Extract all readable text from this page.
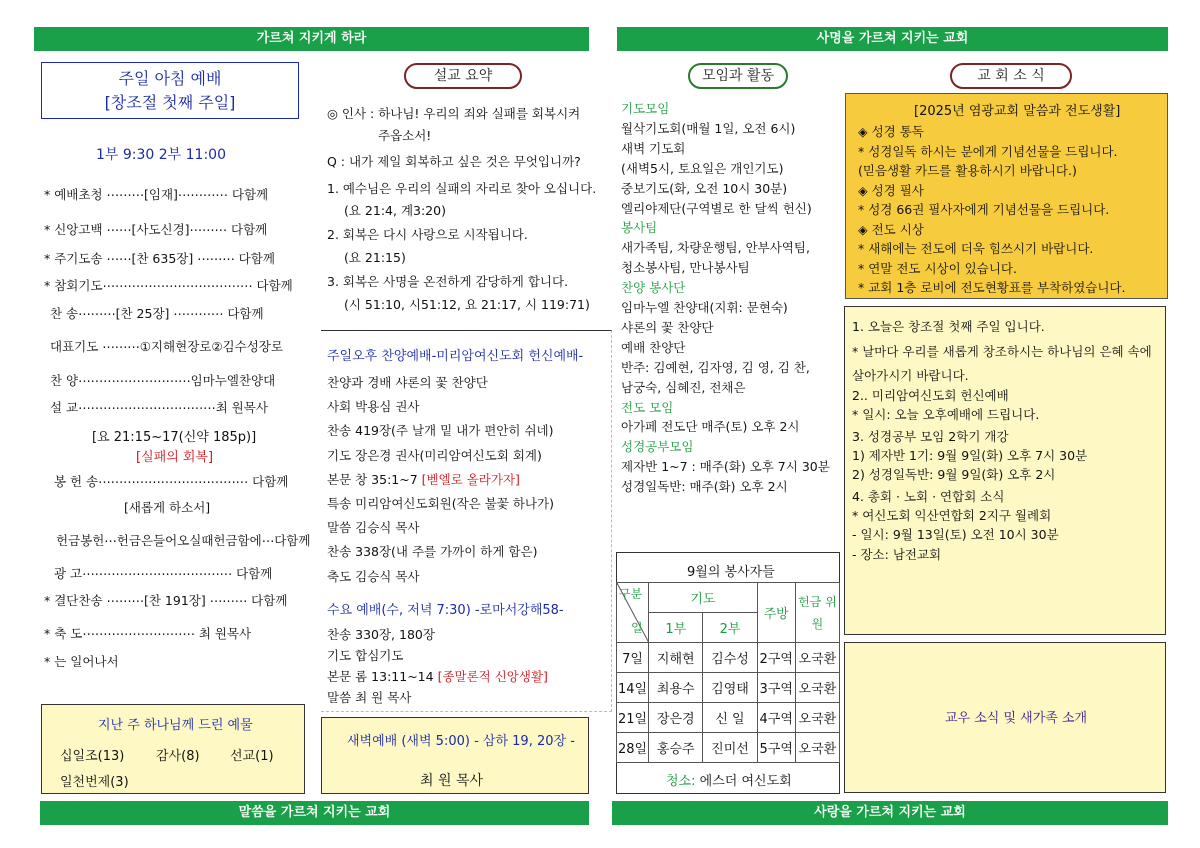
가르쳐 지키게 하라	사명을 가르쳐 지키는 교회
말씀을 가르쳐 지키는 교회	사랑을 가르쳐 지키는 교회
주일 아침 예배
[창조절 첫째 주일]
1부 9:30 2부 11:00
* 예배초청 ⋯⋯⋯[임재]⋯⋯⋯⋯ 다함께
* 신앙고백 ⋯⋯[사도신경]⋯⋯⋯ 다함께
* 주기도송 ⋯⋯[찬 635장] ⋯⋯⋯ 다함께
* 참회기도⋯⋯⋯⋯⋯⋯⋯⋯⋯⋯⋯⋯ 다함께
찬 송⋯⋯⋯[찬 25장] ⋯⋯⋯⋯ 다함께
대표기도 ⋯⋯⋯①지해현장로②김수성장로
찬 양⋯⋯⋯⋯⋯⋯⋯⋯⋯임마누엘찬양대
설 교⋯⋯⋯⋯⋯⋯⋯⋯⋯⋯⋯최 원목사
[요 21:15~17(신약 185p)]
[실패의 회복]
봉 헌 송⋯⋯⋯⋯⋯⋯⋯⋯⋯⋯⋯⋯ 다함께
[새롭게 하소서]
헌금봉헌⋯헌금은들어오실때헌금함에⋯다함께
광 고⋯⋯⋯⋯⋯⋯⋯⋯⋯⋯⋯⋯ 다함께
* 결단찬송 ⋯⋯⋯[찬 191장] ⋯⋯⋯ 다함께
* 축 도⋯⋯⋯⋯⋯⋯⋯⋯⋯ 최 원목사
* 는 일어나서
지난 주 하나님께 드린 예물
십일조(13) 감사(8) 선교(1)
일천번제(3)
설교 요약
◎ 인사 : 하나님! 우리의 죄와 실패를 회복시켜
주옵소서!
Q : 내가 제일 회복하고 싶은 것은 무엇입니까?
1. 예수님은 우리의 실패의 자리로 찾아 오십니다.
(요 21:4, 계3:20)
2. 회복은 다시 사랑으로 시작됩니다.
(요 21:15)
3. 회복은 사명을 온전하게 감당하게 합니다.
(시 51:10, 시51:12, 요 21:17, 시 119:71)
주일오후 찬양예배-미리암여신도회 헌신예배-
찬양과 경배 샤론의 꽃 찬양단
사회 박용심 권사
찬송 419장(주 날개 밑 내가 편안히 쉬네)
기도 장은경 권사(미리암여신도회 회계)
본문 창 35:1~7 [벧엘로 올라가자]
특송 미리암여신도회원(작은 불꽃 하나가)
말씀 김승식 목사
찬송 338장(내 주를 가까이 하게 함은)
축도 김승식 목사
수요 예배(수, 저녁 7:30) -로마서강해58-
찬송 330장, 180장
기도 합심기도
본문 롬 13:11~14 [종말론적 신앙생활]
말씀 최 원 목사
새벽예배 (새벽 5:00) - 삼하 19, 20장 -
최 원 목사
모임과 활동
기도모임
월삭기도회(매월 1일, 오전 6시)
새벽 기도회
(새벽5시, 토요일은 개인기도)
중보기도(화, 오전 10시 30분)
엘리야제단(구역별로 한 달씩 헌신)
봉사팀
새가족팀, 차량운행팀, 안부사역팀,
청소봉사팀, 만나봉사팀
찬양 봉사단
임마누엘 찬양대(지휘: 문현숙)
샤론의 꽃 찬양단
예배 찬양단
반주: 김예현, 김자영, 김 영, 김 찬,
남궁숙, 심혜진, 전채은
전도 모임
아가페 전도단 매주(토) 오후 2시
성경공부모임
제자반 1~7 : 매주(화) 오후 7시 30분
성경일독반: 매주(화) 오후 2시
9월의 봉사자들
구분
일	기도		주방	헌금 위원
	1부	2부		
7일	지해현	김수성	2구역	오국환
14일	최용수	김영태	3구역	오국환
21일	장은경	신 일	4구역	오국환
28일	홍승주	진미선	5구역	오국환
청소: 에스더 여신도회
교 회 소 식
[2025년 염광교회 말씀과 전도생활]
◈ 성경 통독
* 성경일독 하시는 분에게 기념선물을 드립니다.
(믿음생활 카드를 활용하시기 바랍니다.)
◈ 성경 필사
* 성경 66권 필사자에게 기념선물을 드립니다.
◈ 전도 시상
* 새해에는 전도에 더욱 힘쓰시기 바랍니다.
* 연말 전도 시상이 있습니다.
* 교회 1층 로비에 전도현황표를 부착하였습니다.
1. 오늘은 창조절 첫째 주일 입니다.
* 날마다 우리를 새롭게 창조하시는 하나님의 은혜 속에
살아가시기 바랍니다.
2.. 미리암여신도회 헌신예배
* 일시: 오늘 오후예배에 드립니다.
3. 성경공부 모임 2학기 개강
1) 제자반 1기: 9월 9일(화) 오후 7시 30분
2) 성경일독반: 9월 9일(화) 오후 2시
4. 총회 · 노회 · 연합회 소식
* 여신도회 익산연합회 2지구 월례회
- 일시: 9월 13일(토) 오전 10시 30분
- 장소: 남전교회
교우 소식 및 새가족 소개
